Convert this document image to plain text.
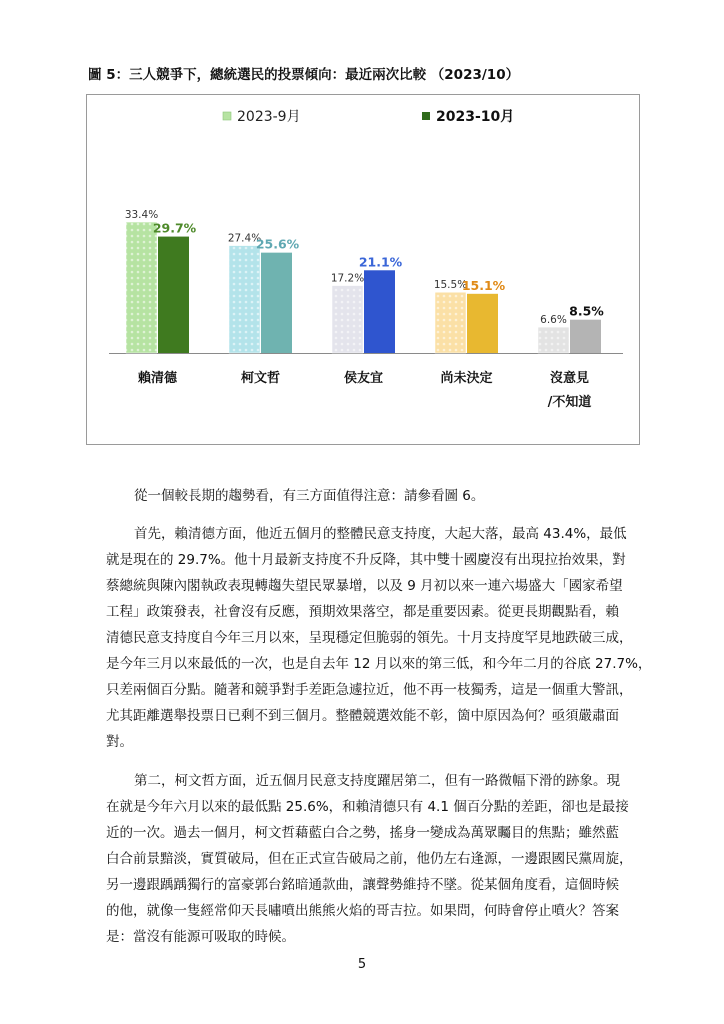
圖 5：三人競爭下，總統選民的投票傾向：最近兩次比較 （2023/10）
2023-9月	2023-10月
33.4%
29.7%
賴清德
27.4%
25.6%
柯文哲
17.2%
21.1%
侯友宜
15.5%
15.1%
尚未決定
6.6%
8.5%
沒意見
/不知道

從一個較長期的趨勢看，有三方面值得注意：請參看圖 6。

首先，賴清德方面，他近五個月的整體民意支持度，大起大落，最高 43.4%，最低
就是現在的 29.7%。他十月最新支持度不升反降，其中雙十國慶沒有出現拉抬效果，對
蔡總統與陳內閣執政表現轉趨失望民眾暴增，以及 9 月初以來一連六場盛大「國家希望
工程」政策發表，社會沒有反應，預期效果落空，都是重要因素。從更長期觀點看，賴
清德民意支持度自今年三月以來，呈現穩定但脆弱的領先。十月支持度罕見地跌破三成，
是今年三月以來最低的一次，也是自去年 12 月以來的第三低，和今年二月的谷底 27.7%，
只差兩個百分點。隨著和競爭對手差距急遽拉近，他不再一枝獨秀，這是一個重大警訊，
尤其距離選舉投票日已剩不到三個月。整體競選效能不彰，箇中原因為何？亟須嚴肅面
對。

第二，柯文哲方面，近五個月民意支持度躍居第二，但有一路微幅下滑的跡象。現
在就是今年六月以來的最低點 25.6%，和賴清德只有 4.1 個百分點的差距，卻也是最接
近的一次。過去一個月，柯文哲藉藍白合之勢，搖身一變成為萬眾矚目的焦點；雖然藍
白合前景黯淡，實質破局，但在正式宣告破局之前，他仍左右逢源，一邊跟國民黨周旋，
另一邊跟踽踽獨行的富豪郭台銘暗通款曲，讓聲勢維持不墜。從某個角度看，這個時候
的他，就像一隻經常仰天長嘯噴出熊熊火焰的哥吉拉。如果問，何時會停止噴火？答案
是：當沒有能源可吸取的時候。

5
